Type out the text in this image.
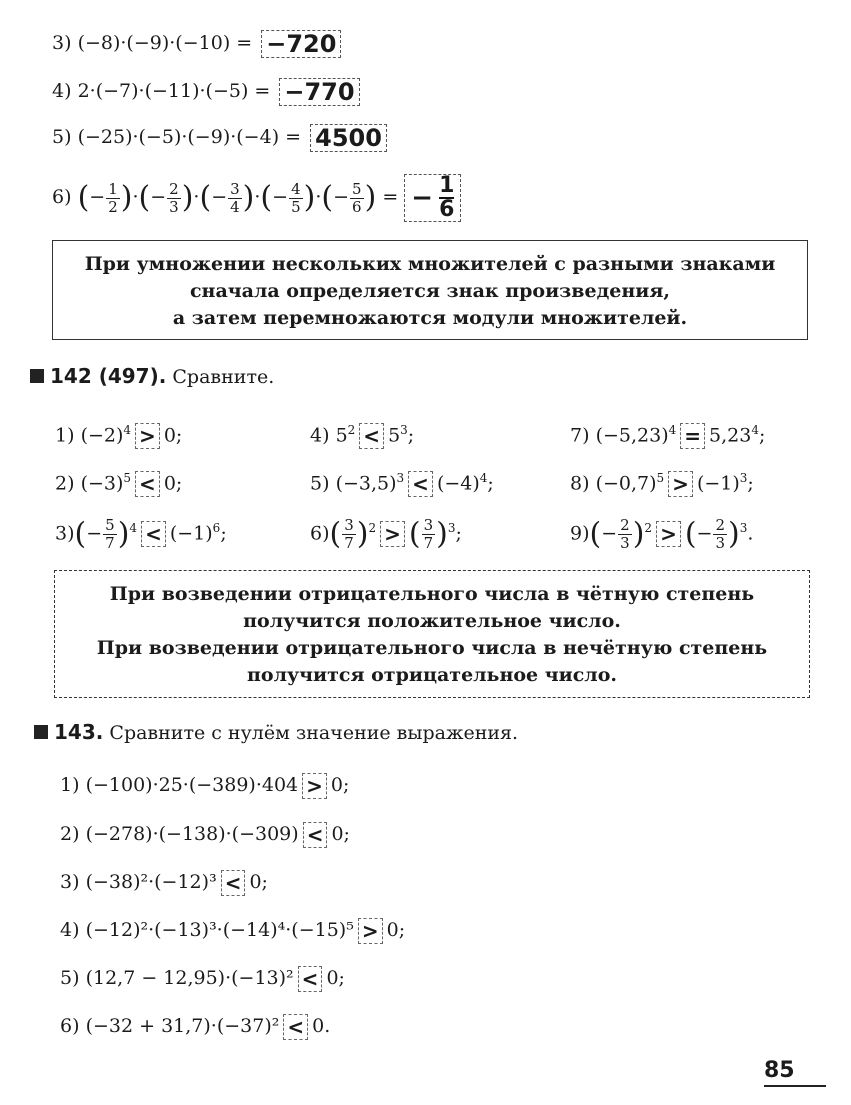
3) (−8)·(−9)·(−10) = −720
4) 2·(−7)·(−11)·(−5) = −770
5) (−25)·(−5)·(−9)·(−4) = 4500
6) (− $\frac{1}{2}$ )·(− $\frac{2}{3}$ )·(− $\frac{3}{4}$ )·(− $\frac{4}{5}$ )·(− $\frac{5}{6}$ ) = − $\frac{1}{6}$
При умножении нескольких множителей с разными знаками
сначала определяется знак произведения,
а затем перемножаются модули множителей.
142 (497). Сравните.
1) $(-2)^4 > 0$;	4) $5^2 < 5^3$;	7) $(-5,23)^4 = 5,23^4$;
2) $(-3)^5 < 0$;	5) $(-3,5)^3 < (-4)^4$;	8) $(-0,7)^5 > (-1)^3$;
$3)(- \frac{5}{7} )^4 < (-1)^6$;	$6)( \frac{3}{7} )^2$ > ( $\frac{3}{7} )^3$;	$9)(- \frac{2}{3} )^2$ > (− $\frac{2}{3} )^3$.
При возведении отрицательного числа в чётную степень
получится положительное число.
При возведении отрицательного числа в нечётную степень
получится отрицательное число.
143. Сравните с нулём значение выражения.
1) (−100)·25·(−389)·404 > 0;
2) (−278)·(−138)·(−309) < 0;
3) (−38)²·(−12)³ < 0;
4) (−12)²·(−13)³·(−14)⁴·(−15)⁵ > 0;
5) (12,7 − 12,95)·(−13)² < 0;
6) (−32 + 31,7)·(−37)² < 0.
85
